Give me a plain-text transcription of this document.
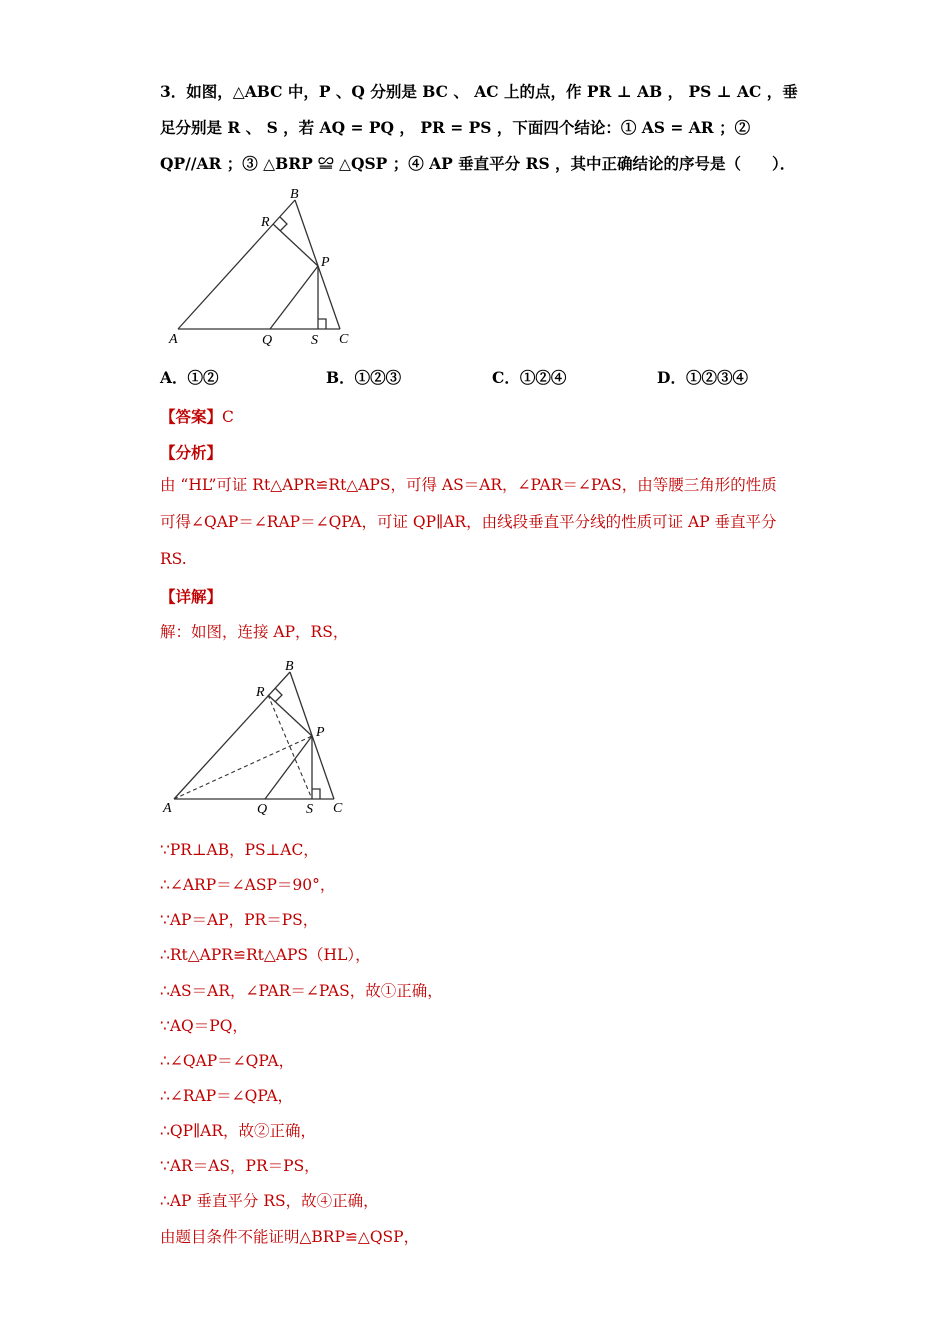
3．如图，△ABC 中，P 、Q 分别是 BC 、 AC 上的点，作 PR ⊥ AB ， PS ⊥ AC ，垂足分别是 R 、 S ，若 AQ = PQ ， PR = PS ，下面四个结论：① AS = AR ；② QP//AR ；③ △BRP ≌ △QSP ；④ AP 垂直平分 RS ，其中正确结论的序号是（　　）．
B
R
P
A	Q	S C
A．①②	B．①②③	C．①②④	D．①②③④
【答案】C
【分析】
由 “HL”可证 Rt△APR≌Rt△APS，可得 AS＝AR，∠PAR＝∠PAS，由等腰三角形的性质可得∠QAP＝∠RAP＝∠QPA，可证 QP∥AR，由线段垂直平分线的性质可证 AP 垂直平分 RS.
【详解】
解：如图，连接 AP，RS，
B
R
P
A	Q	S C
∵PR⊥AB，PS⊥AC，
∴∠ARP＝∠ASP＝90°，
∵AP＝AP，PR＝PS，
∴Rt△APR≌Rt△APS（HL），
∴AS＝AR，∠PAR＝∠PAS，故①正确，
∵AQ＝PQ，
∴∠QAP＝∠QPA，
∴∠RAP＝∠QPA，
∴QP∥AR，故②正确，
∵AR＝AS，PR＝PS，
∴AP 垂直平分 RS，故④正确，
由题目条件不能证明△BRP≌△QSP，
